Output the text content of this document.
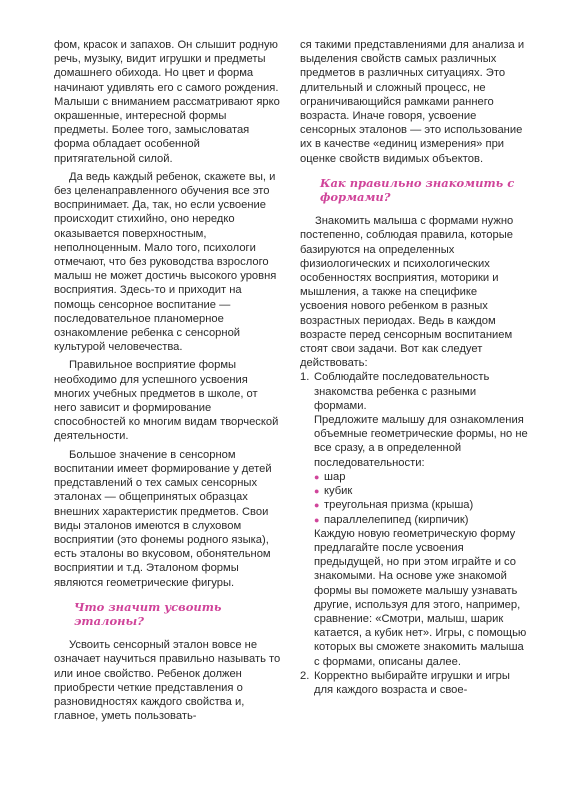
фом, красок и запахов. Он слышит родную речь, музыку, видит игрушки и предметы домашнего обихода. Но цвет и форма начинают удивлять его с самого рождения. Малыши с вниманием рассматривают ярко окрашенные, интересной формы предметы. Более того, замысловатая форма обладает особенной притягательной силой.

Да ведь каждый ребенок, скажете вы, и без целенаправленного обучения все это воспринимает. Да, так, но если усвоение происходит стихийно, оно нередко оказывается поверхностным, неполноценным. Мало того, психологи отмечают, что без руководства взрослого малыш не может достичь высокого уровня восприятия. Здесь-то и приходит на помощь сенсорное воспитание — последовательное планомерное ознакомление ребенка с сенсорной культурой человечества.

Правильное восприятие формы необходимо для успешного усвоения многих учебных предметов в школе, от него зависит и формирование способностей ко многим видам творческой деятельности.

Большое значение в сенсорном воспитании имеет формирование у детей представлений о тех самых сенсорных эталонах — общепринятых образцах внешних характеристик предметов. Свои виды эталонов имеются в слуховом восприятии (это фонемы родного языка), есть эталоны во вкусовом, обонятельном восприятии и т.д. Эталоном формы являются геометрические фигуры.

Что значит усвоить эталоны?

Усвоить сенсорный эталон вовсе не означает научиться правильно называть то или иное свойство. Ребенок должен приобрести четкие представления о разновидностях каждого свойства и, главное, уметь пользовать-

ся такими представлениями для анализа и выделения свойств самых различных предметов в различных ситуациях. Это длительный и сложный процесс, не ограничивающийся рамками раннего возраста. Иначе говоря, усвоение сенсорных эталонов — это использование их в качестве «единиц измерения» при оценке свойств видимых объектов.

Как правильно знакомить с формами?

Знакомить малыша с формами нужно постепенно, соблюдая правила, которые базируются на определенных физиологических и психологических особенностях восприятия, моторики и мышления, а также на специфике усвоения нового ребенком в разных возрастных периодах. Ведь в каждом возрасте перед сенсорным воспитанием стоят свои задачи. Вот как следует действовать:

1. Соблюдайте последовательность знакомства ребенка с разными формами.

Предложите малышу для ознакомления объемные геометрические формы, но не все сразу, а в определенной последовательности:

● шар
● кубик
● треугольная призма (крыша)
● параллелепипед (кирпичик)

Каждую новую геометрическую форму предлагайте после усвоения предыдущей, но при этом играйте и со знакомыми. На основе уже знакомой формы вы поможете малышу узнавать другие, используя для этого, например, сравнение: «Смотри, малыш, шарик катается, а кубик нет». Игры, с помощью которых вы сможете знакомить малыша с формами, описаны далее.

2. Корректно выбирайте игрушки и игры для каждого возраста и свое-
